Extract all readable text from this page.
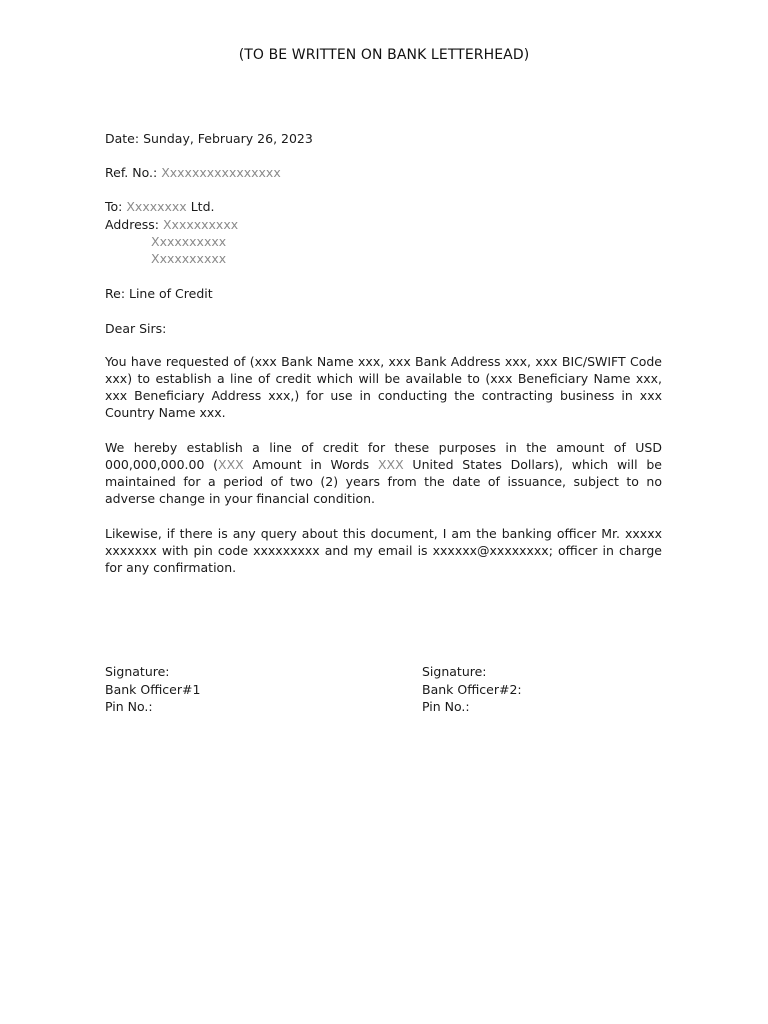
(TO BE WRITTEN ON BANK LETTERHEAD)
Date: Sunday, February 26, 2023
Ref. No.: Xxxxxxxxxxxxxxxx
To: Xxxxxxxx Ltd.
Address: Xxxxxxxxxx
Xxxxxxxxxx
Xxxxxxxxxx
Re: Line of Credit
Dear Sirs:
You have requested of (xxx Bank Name xxx, xxx Bank Address xxx, xxx BIC/SWIFT Code xxx) to establish a line of credit which will be available to (xxx Beneficiary Name xxx, xxx Beneficiary Address xxx,) for use in conducting the contracting business in xxx Country Name xxx.
We hereby establish a line of credit for these purposes in the amount of USD 000,000,000.00 (XXX Amount in Words XXX United States Dollars), which will be maintained for a period of two (2) years from the date of issuance, subject to no adverse change in your financial condition.
Likewise, if there is any query about this document, I am the banking officer Mr. xxxxx xxxxxxx with pin code xxxxxxxxx and my email is xxxxxx@xxxxxxxx; officer in charge for any confirmation.
Signature:
Bank Officer#1
Pin No.:
Signature:
Bank Officer#2:
Pin No.:
